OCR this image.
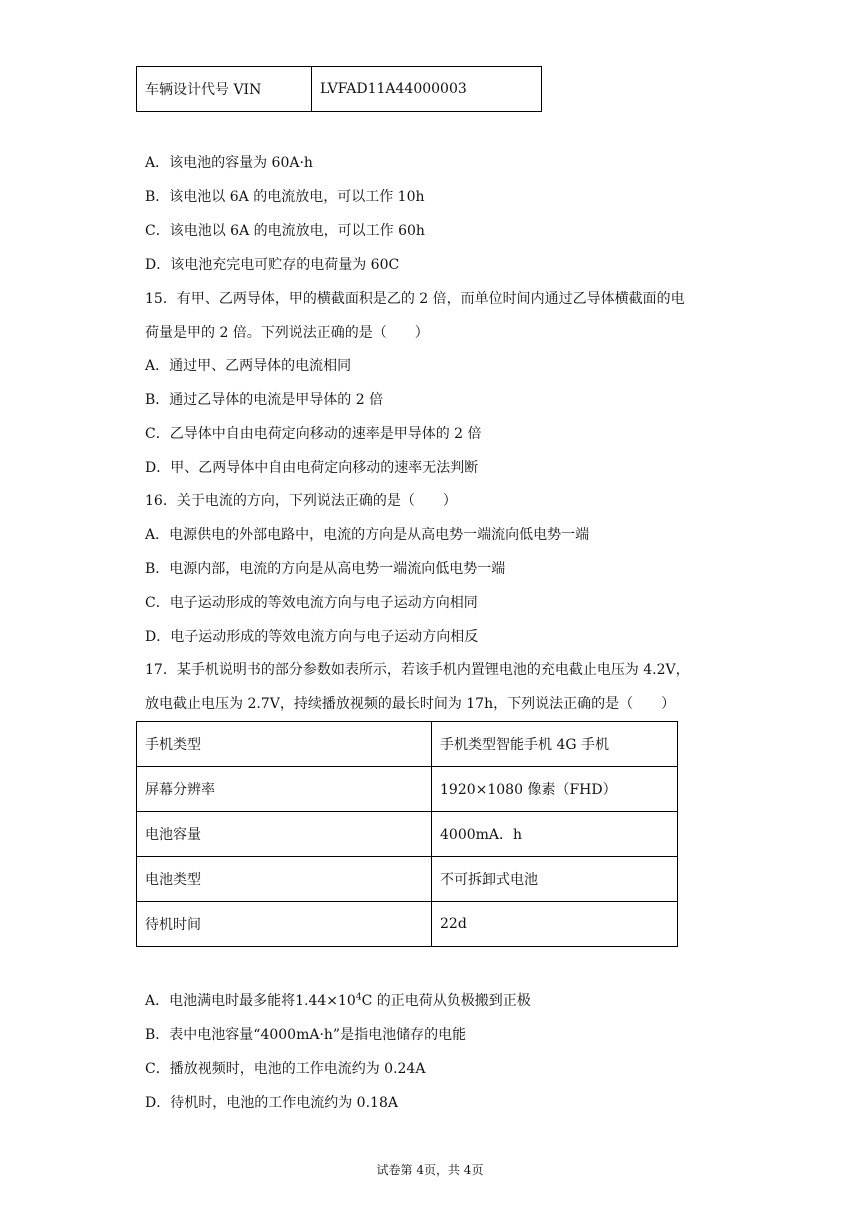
车辆设计代号 VIN	LVFAD11A44000003
A．该电池的容量为 60A·h
B．该电池以 6A 的电流放电，可以工作 10h
C．该电池以 6A 的电流放电，可以工作 60h
D．该电池充完电可贮存的电荷量为 60C
15．有甲、乙两导体，甲的横截面积是乙的 2 倍，而单位时间内通过乙导体横截面的电
荷量是甲的 2 倍。下列说法正确的是（　　）
A．通过甲、乙两导体的电流相同
B．通过乙导体的电流是甲导体的 2 倍
C．乙导体中自由电荷定向移动的速率是甲导体的 2 倍
D．甲、乙两导体中自由电荷定向移动的速率无法判断
16．关于电流的方向，下列说法正确的是（　　）
A．电源供电的外部电路中，电流的方向是从高电势一端流向低电势一端
B．电源内部，电流的方向是从高电势一端流向低电势一端
C．电子运动形成的等效电流方向与电子运动方向相同
D．电子运动形成的等效电流方向与电子运动方向相反
17．某手机说明书的部分参数如表所示，若该手机内置锂电池的充电截止电压为 4.2V，
放电截止电压为 2.7V，持续播放视频的最长时间为 17h，下列说法正确的是（　　）
手机类型	手机类型智能手机 4G 手机
屏幕分辨率	1920×1080 像素（FHD）
电池容量	4000mA．h
电池类型	不可拆卸式电池
待机时间	22d
A．电池满电时最多能将$1.44\times 10^4C$ 的正电荷从负极搬到正极
B．表中电池容量“4000mA·h”是指电池储存的电能
C．播放视频时，电池的工作电流约为 0.24A
D．待机时，电池的工作电流约为 0.18A
试卷第 4页，共 4页
